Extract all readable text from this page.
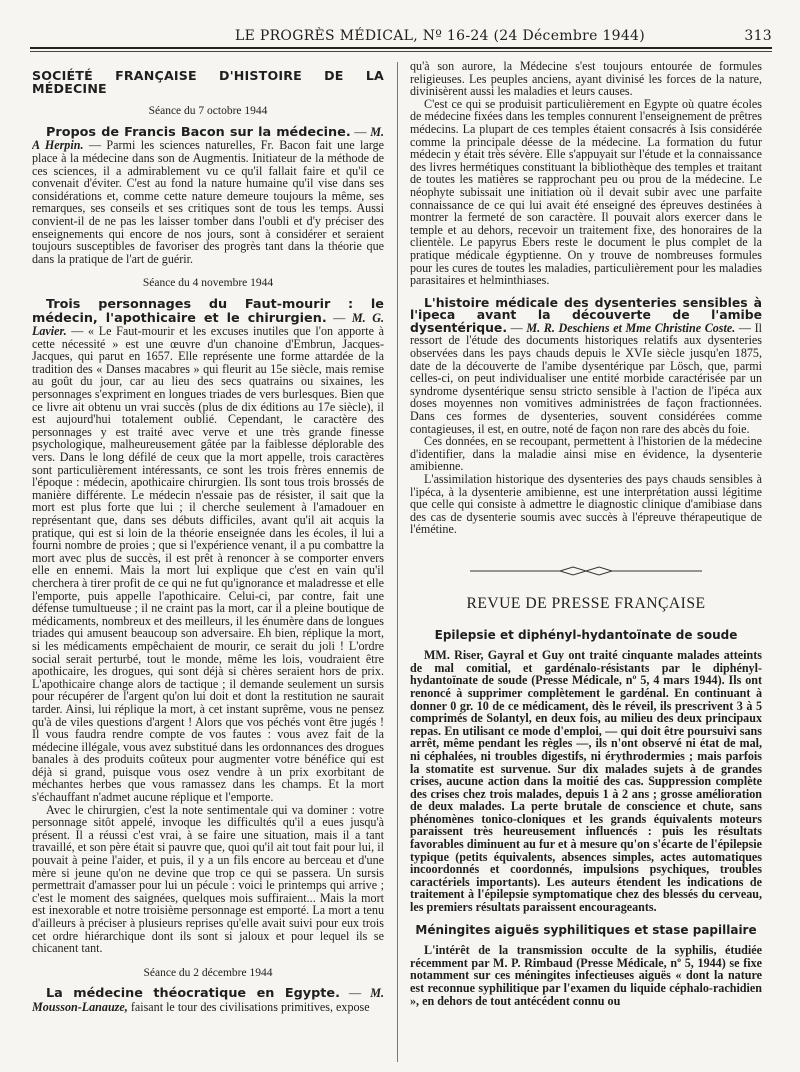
LE PROGRÈS MÉDICAL, Nº 16-24 (24 Décembre 1944)	313
SOCIÉTÉ FRANÇAISE D'HISTOIRE DE LA MÉDECINE
Séance du 7 octobre 1944

Propos de Francis Bacon sur la médecine. — M. A Herpin. — Parmi les sciences naturelles, Fr. Bacon fait une large place à la médecine dans son de Augmentis. Initiateur de la méthode de ces sciences, il a admirablement vu ce qu'il fallait faire et qu'il ce convenait d'éviter. C'est au fond la nature humaine qu'il vise dans ses considérations et, comme cette nature demeure toujours la même, ses remarques, ses conseils et ses critiques sont de tous les temps. Aussi convient-il de ne pas les laisser tomber dans l'oubli et d'y préciser des enseignements qui encore de nos jours, sont à considérer et seraient toujours susceptibles de favoriser des progrès tant dans la théorie que dans la pratique de l'art de guérir.

Séance du 4 novembre 1944

Trois personnages du Faut-mourir : le médecin, l'apothicaire et le chirurgien. — M. G. Lavier. — « Le Faut-mourir et les excuses inutiles que l'on apporte à cette nécessité » est une œuvre d'un chanoine d'Embrun, Jacques-Jacques, qui parut en 1657. Elle représente une forme attardée de la tradition des « Danses macabres » qui fleurit au 15e siècle, mais remise au goût du jour, car au lieu des secs quatrains ou sixaines, les personnages s'expriment en longues triades de vers burlesques. Bien que ce livre ait obtenu un vrai succès (plus de dix éditions au 17e siècle), il est aujourd'hui totalement oublié. Cependant, le caractère des personnages y est traité avec verve et une très grande finesse psychologique, malheureusement gâtée par la faiblesse déplorable des vers. Dans le long défilé de ceux que la mort appelle, trois caractères sont particulièrement intéressants, ce sont les trois frères ennemis de l'époque : médecin, apothicaire chirurgien. Ils sont tous trois brossés de manière différente. Le médecin n'essaie pas de résister, il sait que la mort est plus forte que lui ; il cherche seulement à l'amadouer en représentant que, dans ses débuts difficiles, avant qu'il ait acquis la pratique, qui est si loin de la théorie enseignée dans les écoles, il lui a fourni nombre de proies ; que si l'expérience venant, il a pu combattre la mort avec plus de succès, il est prêt à renoncer à se comporter envers elle en ennemi. Mais la mort lui explique que c'est en vain qu'il cherchera à tirer profit de ce qui ne fut qu'ignorance et maladresse et elle l'emporte, puis appelle l'apothicaire. Celui-ci, par contre, fait une défense tumultueuse ; il ne craint pas la mort, car il a pleine boutique de médicaments, nombreux et des meilleurs, il les énumère dans de longues triades qui amusent beaucoup son adversaire. Eh bien, réplique la mort, si les médicaments empêchaient de mourir, ce serait du joli ! L'ordre social serait perturbé, tout le monde, même les lois, voudraient être apothicaire, les drogues, qui sont déjà si chères seraient hors de prix. L'apothicaire change alors de tactique ; il demande seulement un sursis pour récupérer de l'argent qu'on lui doit et dont la restitution ne saurait tarder. Ainsi, lui réplique la mort, à cet instant suprême, vous ne pensez qu'à de viles questions d'argent ! Alors que vos péchés vont être jugés ! Il vous faudra rendre compte de vos fautes : vous avez fait de la médecine illégale, vous avez substitué dans les ordonnances des drogues banales à des produits coûteux pour augmenter votre bénéfice qui est déjà si grand, puisque vous osez vendre à un prix exorbitant de méchantes herbes que vous ramassez dans les champs. Et la mort s'échauffant n'admet aucune réplique et l'emporte.

Avec le chirurgien, c'est la note sentimentale qui va dominer : votre personnage sitôt appelé, invoque les difficultés qu'il a eues jusqu'à présent. Il a réussi c'est vrai, à se faire une situation, mais il a tant travaillé, et son père était si pauvre que, quoi qu'il ait tout fait pour lui, il pouvait à peine l'aider, et puis, il y a un fils encore au berceau et d'une mère si jeune qu'on ne devine que trop ce qui se passera. Un sursis permettrait d'amasser pour lui un pécule : voici le printemps qui arrive ; c'est le moment des saignées, quelques mois suffiraient... Mais la mort est inexorable et notre troisième personnage est emporté. La mort a tenu d'ailleurs à préciser à plusieurs reprises qu'elle avait suivi pour eux trois cet ordre hiérarchique dont ils sont si jaloux et pour lequel ils se chicanent tant.

Séance du 2 décembre 1944

La médecine théocratique en Egypte. — M. Mousson-Lanauze, faisant le tour des civilisations primitives, expose

qu'à son aurore, la Médecine s'est toujours entourée de formules religieuses. Les peuples anciens, ayant divinisé les forces de la nature, divinisèrent aussi les maladies et leurs causes.

C'est ce qui se produisit particulièrement en Egypte où quatre écoles de médecine fixées dans les temples connurent l'enseignement de prêtres médecins. La plupart de ces temples étaient consacrés à Isis considérée comme la principale déesse de la médecine. La formation du futur médecin y était très sévère. Elle s'appuyait sur l'étude et la connaissance des livres hermétiques constituant la bibliothèque des temples et traitant de toutes les matières se rapprochant peu ou prou de la médecine. Le néophyte subissait une initiation où il devait subir avec une parfaite connaissance de ce qui lui avait été enseigné des épreuves destinées à montrer la fermeté de son caractère. Il pouvait alors exercer dans le temple et au dehors, recevoir un traitement fixe, des honoraires de la clientèle. Le papyrus Ebers reste le document le plus complet de la pratique médicale égyptienne. On y trouve de nombreuses formules pour les cures de toutes les maladies, particulièrement pour les maladies parasitaires et helminthiases.

L'histoire médicale des dysenteries sensibles à l'ipeca avant la découverte de l'amibe dysentérique. — M. R. Deschiens et Mme Christine Coste. — Il ressort de l'étude des documents historiques relatifs aux dysenteries observées dans les pays chauds depuis le XVIe siècle jusqu'en 1875, date de la découverte de l'amibe dysentérique par Lösch, que, parmi celles-ci, on peut individualiser une entité morbide caractérisée par un syndrome dysentérique sensu stricto sensible à l'action de l'ipéca aux doses moyennes non vomitives administrées de façon fractionnées. Dans ces formes de dysenteries, souvent considérées comme contagieuses, il est, en outre, noté de façon non rare des abcès du foie.

Ces données, en se recoupant, permettent à l'historien de la médecine d'identifier, dans la maladie ainsi mise en évidence, la dysenterie amibienne.

L'assimilation historique des dysenteries des pays chauds sensibles à l'ipéca, à la dysenterie amibienne, est une interprétation aussi légitime que celle qui consiste à admettre le diagnostic clinique d'amibiase dans des cas de dysenterie soumis avec succès à l'épreuve thérapeutique de l'émétine.

REVUE DE PRESSE FRANÇAISE
Epilepsie et diphényl-hydantoïnate de soude

MM. Riser, Gayral et Guy ont traité cinquante malades atteints de mal comitial, et gardénalo-résistants par le diphényl-hydantoïnate de soude (Presse Médicale, nº 5, 4 mars 1944). Ils ont renoncé à supprimer complètement le gardénal. En continuant à donner 0 gr. 10 de ce médicament, dès le réveil, ils prescrivent 3 à 5 comprimés de Solantyl, en deux fois, au milieu des deux principaux repas. En utilisant ce mode d'emploi, — qui doit être poursuivi sans arrêt, même pendant les règles —, ils n'ont observé ni état de mal, ni céphalées, ni troubles digestifs, ni érythrodermies ; mais parfois la stomatite est survenue. Sur dix malades sujets à de grandes crises, aucune action dans la moitié des cas. Suppression complète des crises chez trois malades, depuis 1 à 2 ans ; grosse amélioration de deux malades. La perte brutale de conscience et chute, sans phénomènes tonico-cloniques et les grands équivalents moteurs paraissent très heureusement influencés : puis les résultats favorables diminuent au fur et à mesure qu'on s'écarte de l'épilepsie typique (petits équivalents, absences simples, actes automatiques incoordonnés et coordonnés, impulsions psychiques, troubles caractériels importants). Les auteurs étendent les indications de traitement à l'épilepsie symptomatique chez des blessés du cerveau, les premiers résultats paraissent encourageants.

Méningites aiguës syphilitiques et stase papillaire

L'intérêt de la transmission occulte de la syphilis, étudiée récemment par M. P. Rimbaud (Presse Médicale, nº 5, 1944) se fixe notamment sur ces méningites infectieuses aiguës « dont la nature est reconnue syphilitique par l'examen du liquide céphalo-rachidien », en dehors de tout antécédent connu ou
